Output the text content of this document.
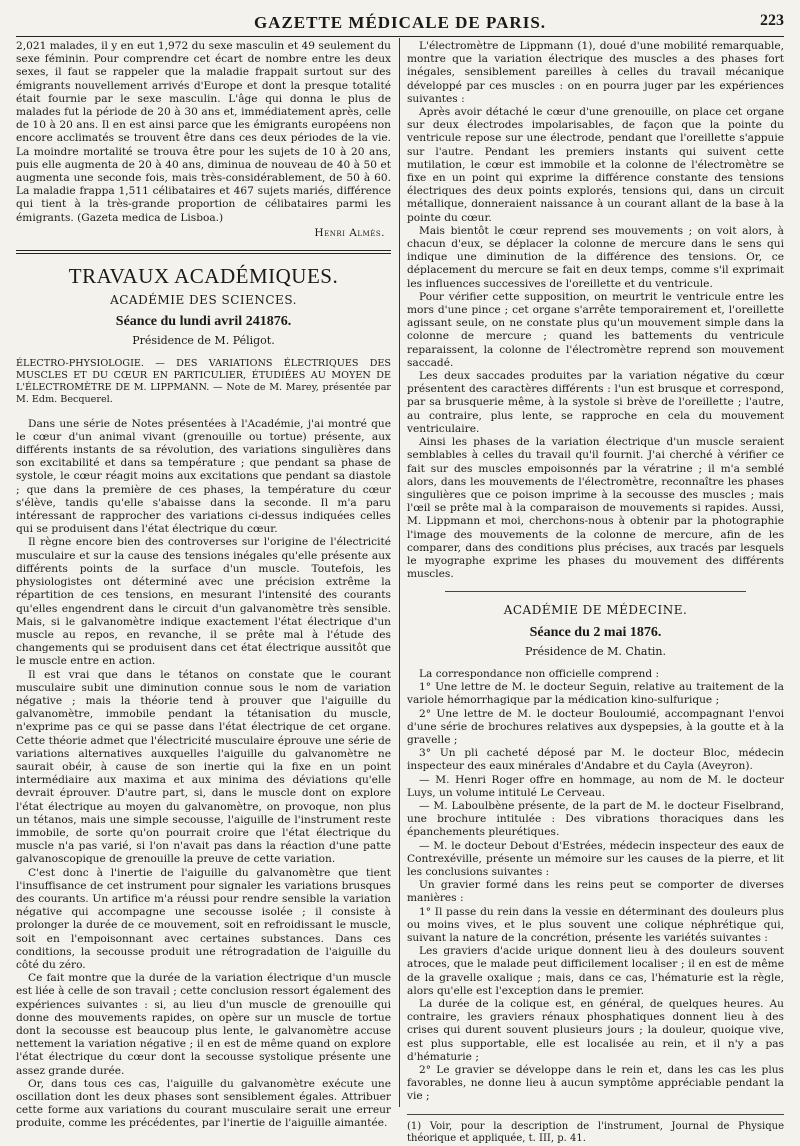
GAZETTE MÉDICALE DE PARIS.	223

2,021 malades, il y en eut 1,972 du sexe masculin et 49 seulement du sexe féminin. Pour comprendre cet écart de nombre entre les deux sexes, il faut se rappeler que la maladie frappait surtout sur des émigrants nouvellement arrivés d'Europe et dont la presque totalité était fournie par le sexe masculin. L'âge qui donna le plus de malades fut la période de 20 à 30 ans et, immédiatement après, celle de 10 à 20 ans. Il en est ainsi parce que les émigrants européens non encore acclimatés se trouvent être dans ces deux périodes de la vie. La moindre mortalité se trouva être pour les sujets de 10 à 20 ans, puis elle augmenta de 20 à 40 ans, diminua de nouveau de 40 à 50 et augmenta une seconde fois, mais très-considérablement, de 50 à 60. La maladie frappa 1,511 célibataires et 467 sujets mariés, différence qui tient à la très-grande proportion de célibataires parmi les émigrants. (Gazeta medica de Lisboa.)

Henri Almès.
TRAVAUX ACADÉMIQUES.
ACADÉMIE DES SCIENCES.
Séance du lundi avril 241876.
Présidence de M. Péligot.

ÉLECTRO-PHYSIOLOGIE. — DES VARIATIONS ÉLECTRIQUES DES MUSCLES ET DU CŒUR EN PARTICULIER, ÉTUDIÉES AU MOYEN DE L'ÉLECTROMÈTRE DE M. LIPPMANN. — Note de M. Marey, présentée par M. Edm. Becquerel.

Dans une série de Notes présentées à l'Académie, j'ai montré que le cœur d'un animal vivant (grenouille ou tortue) présente, aux différents instants de sa révolution, des variations singulières dans son excitabilité et dans sa température ; que pendant sa phase de systole, le cœur réagit moins aux excitations que pendant sa diastole ; que dans la première de ces phases, la température du cœur s'élève, tandis qu'elle s'abaisse dans la seconde. Il m'a paru intéressant de rapprocher des variations ci-dessus indiquées celles qui se produisent dans l'état électrique du cœur.

Il règne encore bien des controverses sur l'origine de l'électricité musculaire et sur la cause des tensions inégales qu'elle présente aux différents points de la surface d'un muscle. Toutefois, les physiologistes ont déterminé avec une précision extrême la répartition de ces tensions, en mesurant l'intensité des courants qu'elles engendrent dans le circuit d'un galvanomètre très sensible. Mais, si le galvanomètre indique exactement l'état électrique d'un muscle au repos, en revanche, il se prête mal à l'étude des changements qui se produisent dans cet état électrique aussitôt que le muscle entre en action.

Il est vrai que dans le tétanos on constate que le courant musculaire subit une diminution connue sous le nom de variation négative ; mais la théorie tend à prouver que l'aiguille du galvanomètre, immobile pendant la tétanisation du muscle, n'exprime pas ce qui se passe dans l'état électrique de cet organe. Cette théorie admet que l'électricité musculaire éprouve une série de variations alternatives auxquelles l'aiguille du galvanomètre ne saurait obéir, à cause de son inertie qui la fixe en un point intermédiaire aux maxima et aux minima des déviations qu'elle devrait éprouver. D'autre part, si, dans le muscle dont on explore l'état électrique au moyen du galvanomètre, on provoque, non plus un tétanos, mais une simple secousse, l'aiguille de l'instrument reste immobile, de sorte qu'on pourrait croire que l'état électrique du muscle n'a pas varié, si l'on n'avait pas dans la réaction d'une patte galvanoscopique de grenouille la preuve de cette variation.

C'est donc à l'inertie de l'aiguille du galvanomètre que tient l'insuffisance de cet instrument pour signaler les variations brusques des courants. Un artifice m'a réussi pour rendre sensible la variation négative qui accompagne une secousse isolée ; il consiste à prolonger la durée de ce mouvement, soit en refroidissant le muscle, soit en l'empoisonnant avec certaines substances. Dans ces conditions, la secousse produit une rétrogradation de l'aiguille du côté du zéro.

Ce fait montre que la durée de la variation électrique d'un muscle est liée à celle de son travail ; cette conclusion ressort également des expériences suivantes : si, au lieu d'un muscle de grenouille qui donne des mouvements rapides, on opère sur un muscle de tortue dont la secousse est beaucoup plus lente, le galvanomètre accuse nettement la variation négative ; il en est de même quand on explore l'état électrique du cœur dont la secousse systolique présente une assez grande durée.

Or, dans tous ces cas, l'aiguille du galvanomètre exécute une oscillation dont les deux phases sont sensiblement égales. Attribuer cette forme aux variations du courant musculaire serait une erreur produite, comme les précédentes, par l'inertie de l'aiguille aimantée.

L'électromètre de Lippmann (1), doué d'une mobilité remarquable, montre que la variation électrique des muscles a des phases fort inégales, sensiblement pareilles à celles du travail mécanique développé par ces muscles : on en pourra juger par les expériences suivantes :

Après avoir détaché le cœur d'une grenouille, on place cet organe sur deux électrodes impolarisables, de façon que la pointe du ventricule repose sur une électrode, pendant que l'oreillette s'appuie sur l'autre. Pendant les premiers instants qui suivent cette mutilation, le cœur est immobile et la colonne de l'électromètre se fixe en un point qui exprime la différence constante des tensions électriques des deux points explorés, tensions qui, dans un circuit métallique, donneraient naissance à un courant allant de la base à la pointe du cœur.

Mais bientôt le cœur reprend ses mouvements ; on voit alors, à chacun d'eux, se déplacer la colonne de mercure dans le sens qui indique une diminution de la différence des tensions. Or, ce déplacement du mercure se fait en deux temps, comme s'il exprimait les influences successives de l'oreillette et du ventricule.

Pour vérifier cette supposition, on meurtrit le ventricule entre les mors d'une pince ; cet organe s'arrête temporairement et, l'oreillette agissant seule, on ne constate plus qu'un mouvement simple dans la colonne de mercure ; quand les battements du ventricule reparaissent, la colonne de l'électromètre reprend son mouvement saccadé.

Les deux saccades produites par la variation négative du cœur présentent des caractères différents : l'un est brusque et correspond, par sa brusquerie même, à la systole si brève de l'oreillette ; l'autre, au contraire, plus lente, se rapproche en cela du mouvement ventriculaire.

Ainsi les phases de la variation électrique d'un muscle seraient semblables à celles du travail qu'il fournit. J'ai cherché à vérifier ce fait sur des muscles empoisonnés par la vératrine ; il m'a semblé alors, dans les mouvements de l'électromètre, reconnaître les phases singulières que ce poison imprime à la secousse des muscles ; mais l'œil se prête mal à la comparaison de mouvements si rapides. Aussi, M. Lippmann et moi, cherchons-nous à obtenir par la photographie l'image des mouvements de la colonne de mercure, afin de les comparer, dans des conditions plus précises, aux tracés par lesquels le myographe exprime les phases du mouvement des différents muscles.

ACADÉMIE DE MÉDECINE.
Séance du 2 mai 1876.
Présidence de M. Chatin.

La correspondance non officielle comprend :

1° Une lettre de M. le docteur Seguin, relative au traitement de la variole hémorrhagique par la médication kino-sulfurique ;

2° Une lettre de M. le docteur Bouloumié, accompagnant l'envoi d'une série de brochures relatives aux dyspepsies, à la goutte et à la gravelle ;

3° Un pli cacheté déposé par M. le docteur Bloc, médecin inspecteur des eaux minérales d'Andabre et du Cayla (Aveyron).

— M. Henri Roger offre en hommage, au nom de M. le docteur Luys, un volume intitulé Le Cerveau.

— M. Laboulbène présente, de la part de M. le docteur Fiselbrand, une brochure intitulée : Des vibrations thoraciques dans les épanchements pleurétiques.

— M. le docteur Debout d'Estrées, médecin inspecteur des eaux de Contrexéville, présente un mémoire sur les causes de la pierre, et lit les conclusions suivantes :

Un gravier formé dans les reins peut se comporter de diverses manières :

1° Il passe du rein dans la vessie en déterminant des douleurs plus ou moins vives, et le plus souvent une colique néphrétique qui, suivant la nature de la concrétion, présente les variétés suivantes :

Les graviers d'acide urique donnent lieu à des douleurs souvent atroces, que le malade peut difficilement localiser ; il en est de même de la gravelle oxalique ; mais, dans ce cas, l'hématurie est la règle, alors qu'elle est l'exception dans le premier.

La durée de la colique est, en général, de quelques heures. Au contraire, les graviers rénaux phosphatiques donnent lieu à des crises qui durent souvent plusieurs jours ; la douleur, quoique vive, est plus supportable, elle est localisée au rein, et il n'y a pas d'hématurie ;

2° Le gravier se développe dans le rein et, dans les cas les plus favorables, ne donne lieu à aucun symptôme appréciable pendant la vie ;

(1) Voir, pour la description de l'instrument, Journal de Physique théorique et appliquée, t. III, p. 41.
